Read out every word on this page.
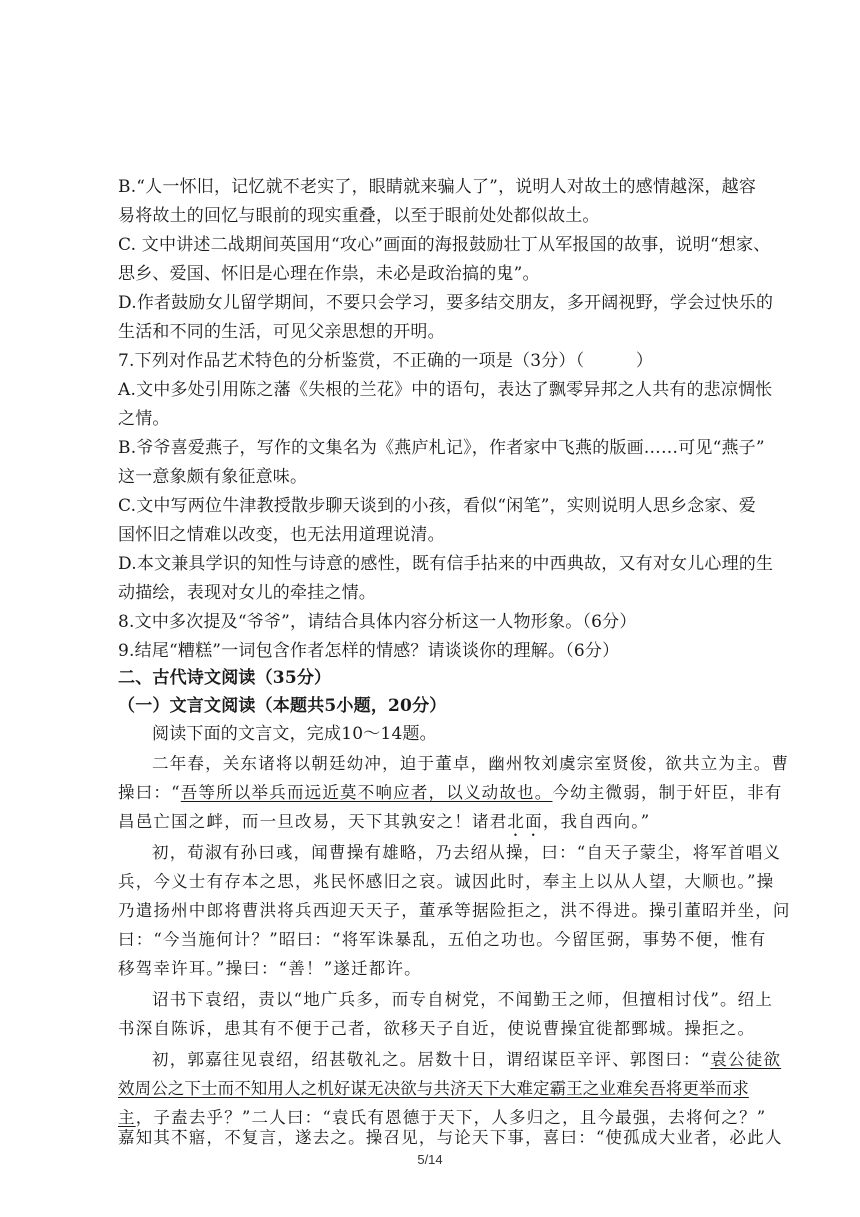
B.“人一怀旧，记忆就不老实了，眼睛就来骗人了”，说明人对故土的感情越深，越容
易将故土的回忆与眼前的现实重叠，以至于眼前处处都似故土。
C. 文中讲述二战期间英国用“攻心”画面的海报鼓励壮丁从军报国的故事，说明“想家、
思乡、爱国、怀旧是心理在作祟，未必是政治搞的鬼”。
D.作者鼓励女儿留学期间，不要只会学习，要多结交朋友，多开阔视野，学会过快乐的
生活和不同的生活，可见父亲思想的开明。
7.下列对作品艺术特色的分析鉴赏，不正确的一项是（3分）（　　　）
A.文中多处引用陈之藩《失根的兰花》中的语句，表达了飘零异邦之人共有的悲凉惆怅
之情。
B.爷爷喜爱燕子，写作的文集名为《燕庐札记》，作者家中飞燕的版画……可见“燕子”
这一意象颇有象征意味。
C.文中写两位牛津教授散步聊天谈到的小孩，看似“闲笔”，实则说明人思乡念家、爱
国怀旧之情难以改变，也无法用道理说清。
D.本文兼具学识的知性与诗意的感性，既有信手拈来的中西典故，又有对女儿心理的生
动描绘，表现对女儿的牵挂之情。
8.文中多次提及“爷爷”，请结合具体内容分析这一人物形象。（6分）
9.结尾“糟糕”一词包含作者怎样的情感？请谈谈你的理解。（6分）
二、古代诗文阅读（35分）
（一）文言文阅读（本题共5小题，20分）
阅读下面的文言文，完成10～14题。
二年春，关东诸将以朝廷幼冲，迫于董卓，幽州牧刘虞宗室贤俊，欲共立为主。曹
操曰：“吾等所以举兵而远近莫不响应者，以义动故也。今幼主微弱，制于奸臣，非有
昌邑亡国之衅，而一旦改易，天下其孰安之！诸君北面，我自西向。”
初，荀淑有孙曰彧，闻曹操有雄略，乃去绍从操，曰：“自天子蒙尘，将军首唱义
兵，今义士有存本之思，兆民怀感旧之哀。诚因此时，奉主上以从人望，大顺也。”操
乃遣扬州中郎将曹洪将兵西迎天天子，董承等据险拒之，洪不得进。操引董昭并坐，问
曰：“今当施何计？”昭曰：“将军诛暴乱，五伯之功也。今留匡弼，事势不便，惟有
移驾幸许耳。”操曰：“善！”遂迁都许。
诏书下袁绍，责以“地广兵多，而专自树党，不闻勤王之师，但擅相讨伐”。绍上
书深自陈诉，患其有不便于己者，欲移天子自近，使说曹操宜徙都鄄城。操拒之。
初，郭嘉往见袁绍，绍甚敬礼之。居数十日，谓绍谋臣辛评、郭图曰：“袁公徒欲
效周公之下士而不知用人之机好谋无决欲与共济天下大难定霸王之业难矣吾将更举而求
主，子盍去乎？”二人曰：“袁氏有恩德于天下，人多归之，且今最强，去将何之？”
5/14
嘉知其不寤，不复言，遂去之。操召见，与论天下事，喜曰：“使孤成大业者，必此人
